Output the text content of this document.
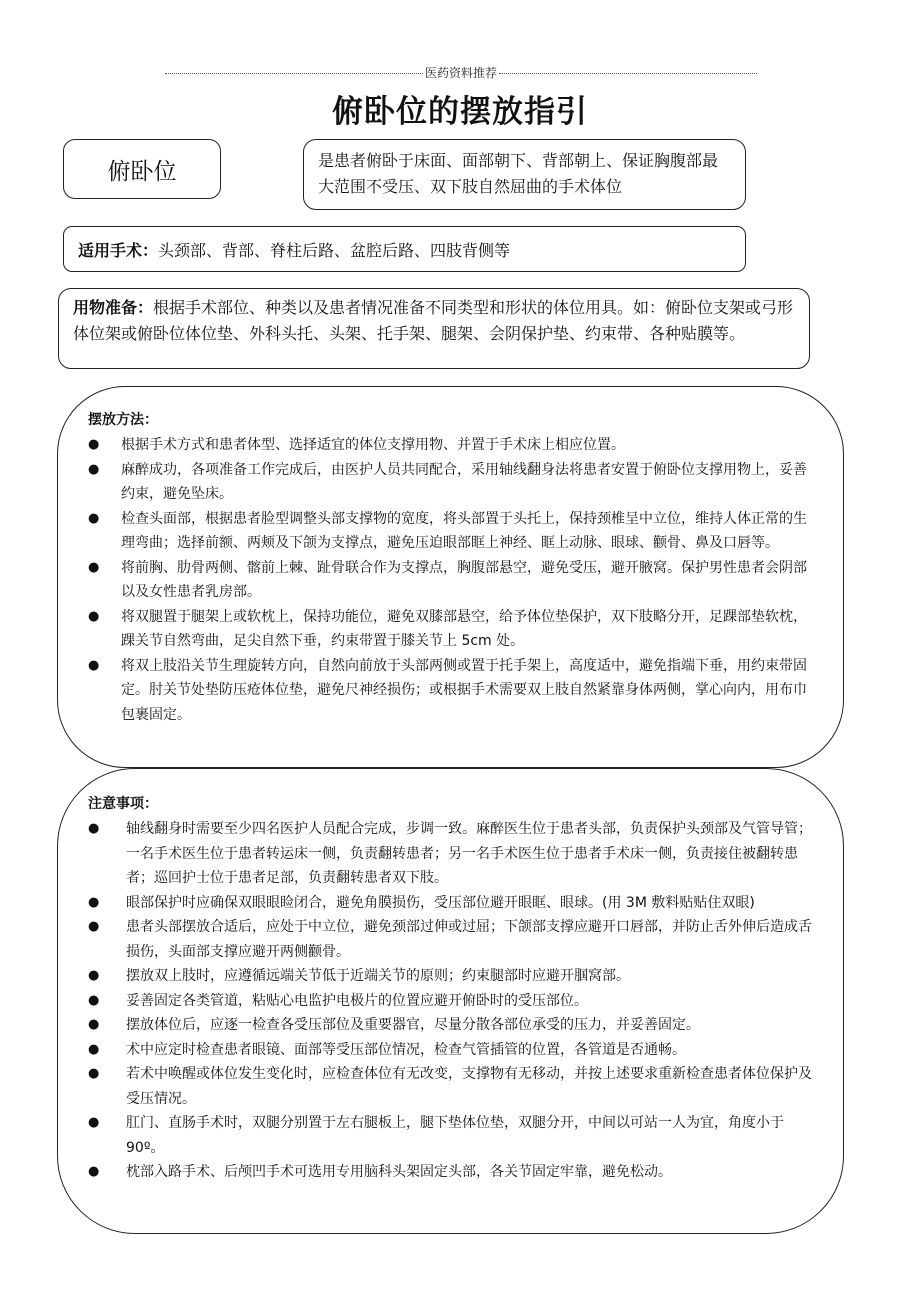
医药资料推荐
俯卧位的摆放指引
俯卧位	是患者俯卧于床面、面部朝下、背部朝上、保证胸腹部最大范围不受压、双下肢自然屈曲的手术体位
适用手术：头颈部、背部、脊柱后路、盆腔后路、四肢背侧等
用物准备：根据手术部位、种类以及患者情况准备不同类型和形状的体位用具。如：俯卧位支架或弓形体位架或俯卧位体位垫、外科头托、头架、托手架、腿架、会阴保护垫、约束带、各种贴膜等。
摆放方法：
● 根据手术方式和患者体型、选择适宜的体位支撑用物、并置于手术床上相应位置。
● 麻醉成功，各项准备工作完成后，由医护人员共同配合，采用轴线翻身法将患者安置于俯卧位支撑用物上，妥善约束，避免坠床。
● 检查头面部，根据患者脸型调整头部支撑物的宽度，将头部置于头托上，保持颈椎呈中立位，维持人体正常的生理弯曲；选择前额、两颊及下颌为支撑点，避免压迫眼部眶上神经、眶上动脉、眼球、颧骨、鼻及口唇等。
● 将前胸、肋骨两侧、髂前上棘、趾骨联合作为支撑点，胸腹部悬空，避免受压，避开腋窝。保护男性患者会阴部以及女性患者乳房部。
● 将双腿置于腿架上或软枕上，保持功能位，避免双膝部悬空，给予体位垫保护，双下肢略分开，足踝部垫软枕，踝关节自然弯曲，足尖自然下垂，约束带置于膝关节上 5cm 处。
● 将双上肢沿关节生理旋转方向，自然向前放于头部两侧或置于托手架上，高度适中，避免指端下垂，用约束带固定。肘关节处垫防压疮体位垫，避免尺神经损伤；或根据手术需要双上肢自然紧靠身体两侧，掌心向内，用布巾包裹固定。
注意事项：
● 轴线翻身时需要至少四名医护人员配合完成，步调一致。麻醉医生位于患者头部，负责保护头颈部及气管导管；一名手术医生位于患者转运床一侧，负责翻转患者；另一名手术医生位于患者手术床一侧，负责接住被翻转患者；巡回护士位于患者足部，负责翻转患者双下肢。
● 眼部保护时应确保双眼眼睑闭合，避免角膜损伤，受压部位避开眼眶、眼球。(用 3M 敷料贴贴住双眼)
● 患者头部摆放合适后，应处于中立位，避免颈部过伸或过屈；下颌部支撑应避开口唇部，并防止舌外伸后造成舌损伤，头面部支撑应避开两侧颧骨。
● 摆放双上肢时，应遵循远端关节低于近端关节的原则；约束腿部时应避开腘窝部。
● 妥善固定各类管道，粘贴心电监护电极片的位置应避开俯卧时的受压部位。
● 摆放体位后，应逐一检查各受压部位及重要器官，尽量分散各部位承受的压力，并妥善固定。
● 术中应定时检查患者眼镜、面部等受压部位情况，检查气管插管的位置，各管道是否通畅。
● 若术中唤醒或体位发生变化时，应检查体位有无改变，支撑物有无移动，并按上述要求重新检查患者体位保护及受压情况。
● 肛门、直肠手术时，双腿分别置于左右腿板上，腿下垫体位垫，双腿分开，中间以可站一人为宜，角度小于 90º。
● 枕部入路手术、后颅凹手术可选用专用脑科头架固定头部，各关节固定牢靠，避免松动。
